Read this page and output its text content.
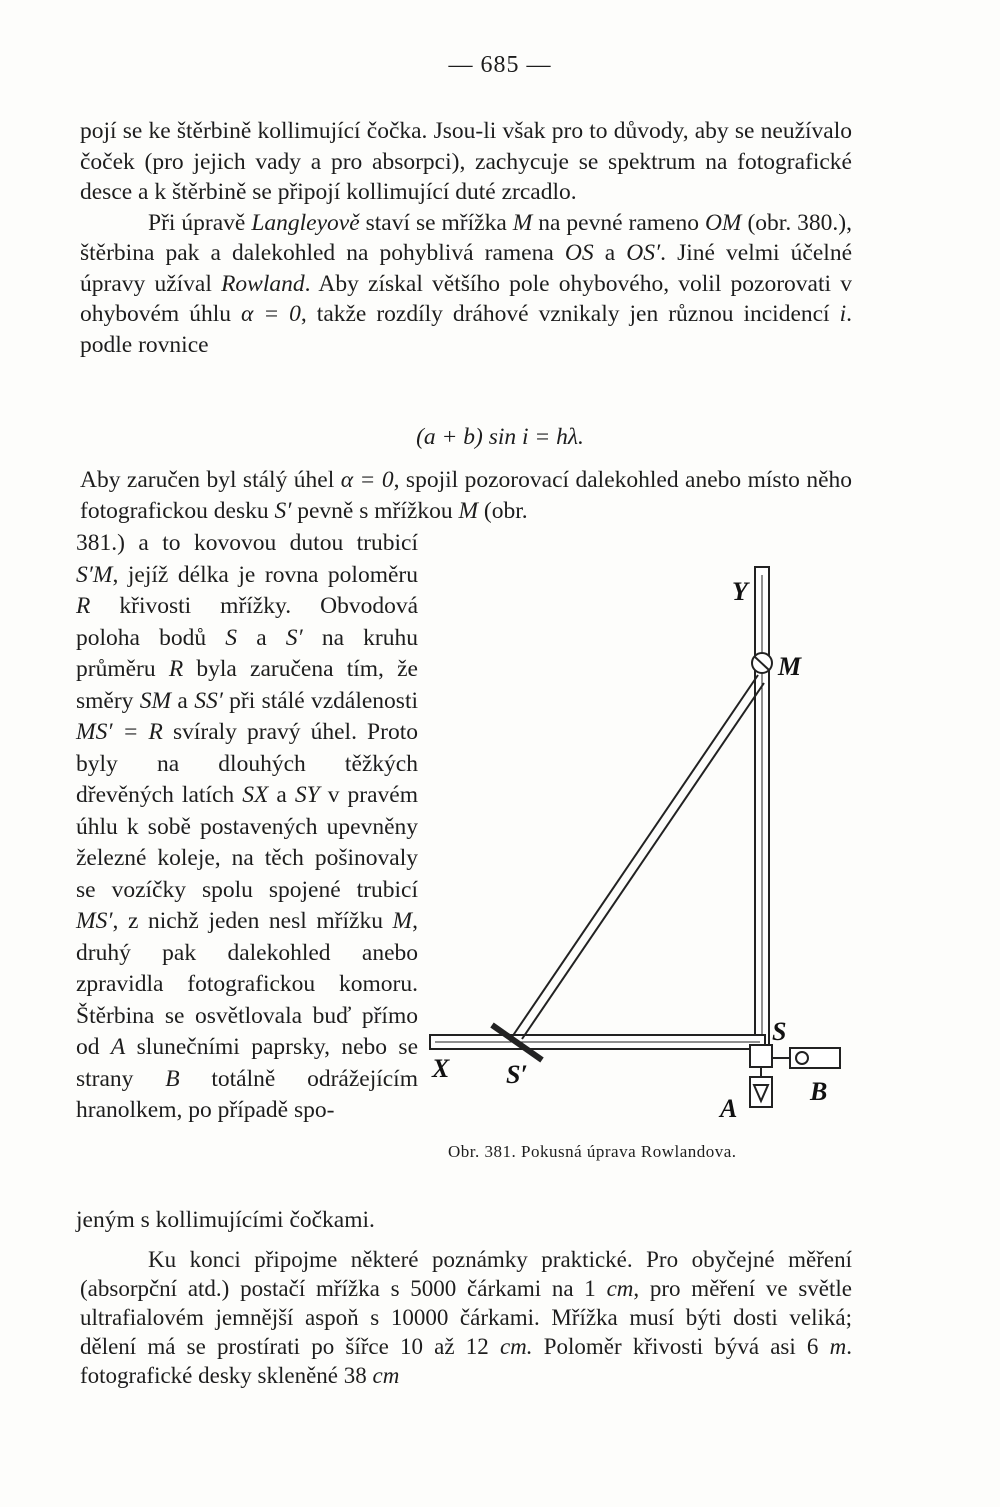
— 685 —

pojí se ke štěrbině kollimující čočka. Jsou-li však pro to důvody, aby se neužívalo čoček (pro jejich vady a pro absorpci), zachycuje se spektrum na fotografické desce a k štěrbině se připojí kollimující duté zrcadlo.

Při úpravě Langleyově staví se mřížka M na pevné rameno OM (obr. 380.), štěrbina pak a dalekohled na pohyblivá ramena OS a OS′. Jiné velmi účelné úpravy užíval Rowland. Aby získal většího pole ohybového, volil pozorovati v ohybovém úhlu α = 0, takže rozdíly dráhové vznikaly jen různou incidencí i. podle rovnice

(a + b) sin i = hλ.

Aby zaručen byl stálý úhel α = 0, spojil pozorovací dalekohled anebo místo něho fotografickou desku S′ pevně s mřížkou M (obr.

381.) a to kovovou dutou trubicí S′M, jejíž délka je rovna poloměru R křivosti mřížky. Obvodová poloha bodů S a S′ na kruhu průměru R byla zaručena tím, že směry SM a SS′ při stálé vzdálenosti MS′ = R svíraly pravý úhel. Proto byly na dlouhých těžkých dřevěných latích SX a SY v pravém úhlu k sobě postavených upevněny železné koleje, na těch pošinovaly se vozíčky spolu spojené trubicí MS′, z nichž jeden nesl mřížku M, druhý pak dalekohled anebo zpravidla fotografickou komoru. Štěrbina se osvětlovala buď přímo od A slunečními paprsky, nebo se strany B totálně odrážejícím hranolkem, po případě spo-

jeným s kollimujícími čočkami.
Y
M
X S′
S
A
B
Obr. 381. Pokusná úprava Rowlandova.

Ku konci připojme některé poznámky praktické. Pro obyčejné měření (absorpční atd.) postačí mřížka s 5000 čárkami na 1 cm, pro měření ve světle ultrafialovém jemnější aspoň s 10000 čárkami. Mřížka musí býti dosti veliká; dělení má se prostírati po šířce 10 až 12 cm. Poloměr křivosti bývá asi 6 m. fotografické desky skleněné 38 cm
